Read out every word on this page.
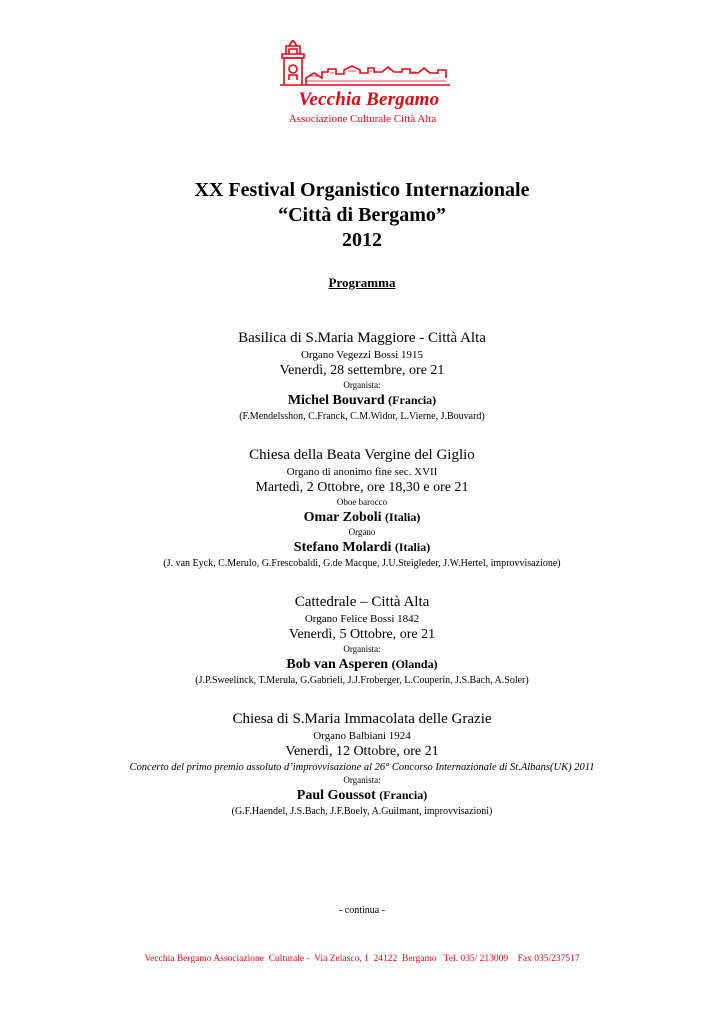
Vecchia Bergamo
Associazione Culturale Città Alta
XX Festival Organistico Internazionale
“Città di Bergamo”
2012
Programma
Basilica di S.Maria Maggiore - Città Alta
Organo Vegezzi Bossi 1915
Venerdì, 28 settembre, ore 21
Organista:
Michel Bouvard (Francia)
(F.Mendelsshon, C.Franck, C.M.Widor, L.Vierne, J.Bouvard)
Chiesa della Beata Vergine del Giglio
Organo di anonimo fine sec. XVII
Martedì, 2 Ottobre, ore 18,30 e ore 21
Oboe barocco
Omar Zoboli (Italia)
Organo
Stefano Molardi (Italia)
(J. van Eyck, C.Merulo, G.Frescobaldi, G.de Macque, J.U.Steigleder, J.W.Hertel, improvvisazione)
Cattedrale – Città Alta
Organo Felice Bossi 1842
Venerdì, 5 Ottobre, ore 21
Organista:
Bob van Asperen (Olanda)
(J.P.Sweelinck, T.Merula, G.Gabrieli, J.J.Froberger, L.Couperin, J.S.Bach, A.Soler)
Chiesa di S.Maria Immacolata delle Grazie
Organo Balbiani 1924
Venerdì, 12 Ottobre, ore 21
Concerto del primo premio assoluto d’improvvisazione al 26° Concorso Internazionale di St.Albans(UK) 2011
Organista:
Paul Goussot (Francia)
(G.F.Haendel, J.S.Bach, J.F.Boely, A.Guilmant, improvvisazioni)
- continua -
Vecchia Bergamo Associazione  Culturale -  Via Zelasco, 1  24122  Bergamo   Tel. 035/ 213009    Fax 035/237517
